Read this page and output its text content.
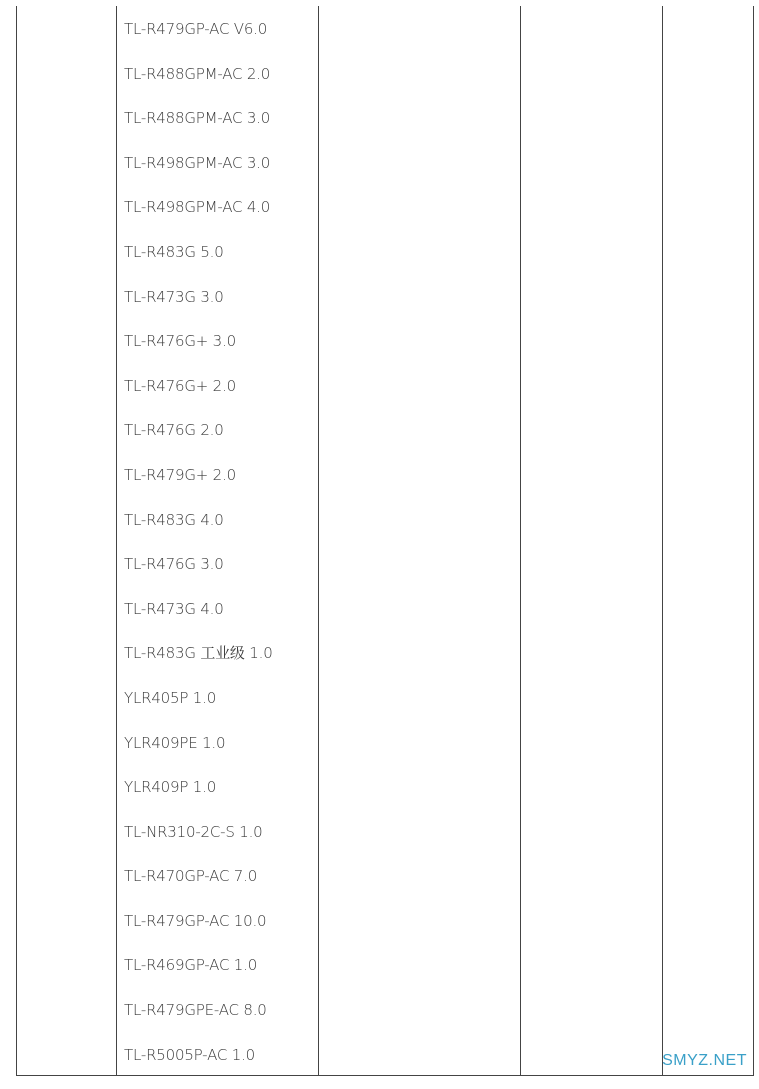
TL-R479GP-AC V6.0
TL-R488GPM-AC 2.0
TL-R488GPM-AC 3.0
TL-R498GPM-AC 3.0
TL-R498GPM-AC 4.0
TL-R483G 5.0
TL-R473G 3.0
TL-R476G+ 3.0
TL-R476G+ 2.0
TL-R476G 2.0
TL-R479G+ 2.0
TL-R483G 4.0
TL-R476G 3.0
TL-R473G 4.0
TL-R483G 工业级 1.0
YLR405P 1.0
YLR409PE 1.0
YLR409P 1.0
TL-NR310-2C-S 1.0
TL-R470GP-AC 7.0
TL-R479GP-AC 10.0
TL-R469GP-AC 1.0
TL-R479GPE-AC 8.0
TL-R5005P-AC 1.0	SMYZ.NET
